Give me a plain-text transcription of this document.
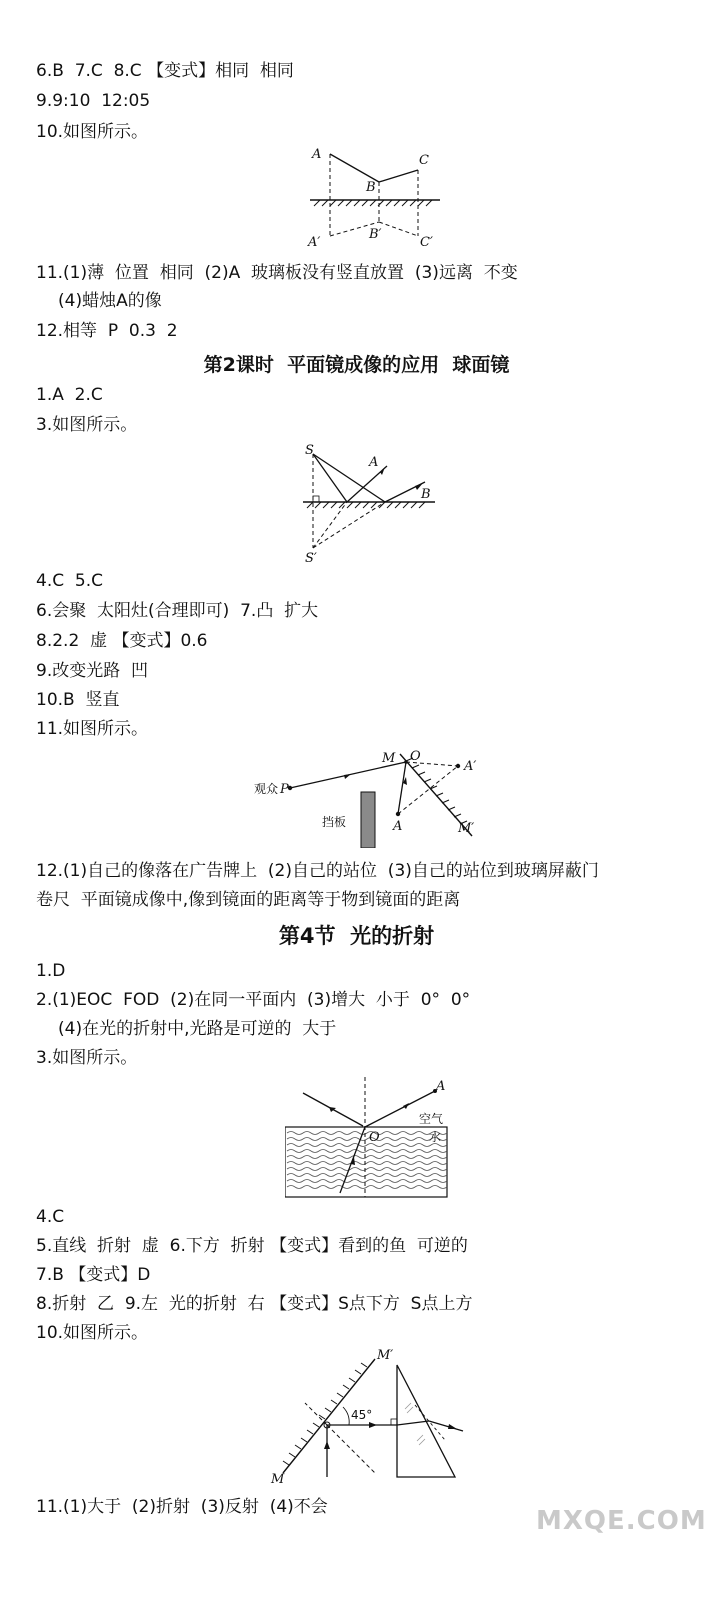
6.B  7.C  8.C 【变式】相同  相同
9.9:10  12:05
10.如图所示。
A
B
C
A′
B′
C′
11.(1)薄  位置  相同  (2)A  玻璃板没有竖直放置  (3)远离  不变
(4)蜡烛A的像
12.相等  P  0.3  2
第2课时  平面镜成像的应用  球面镜
1.A  2.C
3.如图所示。
S
A
B
S′
4.C  5.C
6.会聚  太阳灶(合理即可)  7.凸  扩大
8.2.2  虚 【变式】0.6
9.改变光路  凹
10.B  竖直
11.如图所示。
M O
A′
A	M′
观众 P
挡板
12.(1)自己的像落在广告牌上  (2)自己的站位  (3)自己的站位到玻璃屏蔽门
卷尺  平面镜成像中,像到镜面的距离等于物到镜面的距离
第4节  光的折射
1.D
2.(1)EOC  FOD  (2)在同一平面内  (3)增大  小于  0°  0°
(4)在光的折射中,光路是可逆的  大于
3.如图所示。
A
O
空气
水
4.C
5.直线  折射  虚  6.下方  折射 【变式】看到的鱼  可逆的
7.B 【变式】D
8.折射  乙  9.左  光的折射  右 【变式】S点下方  S点上方
10.如图所示。
M′
M
45°
11.(1)大于  (2)折射  (3)反射  (4)不会	MXQE.COM
